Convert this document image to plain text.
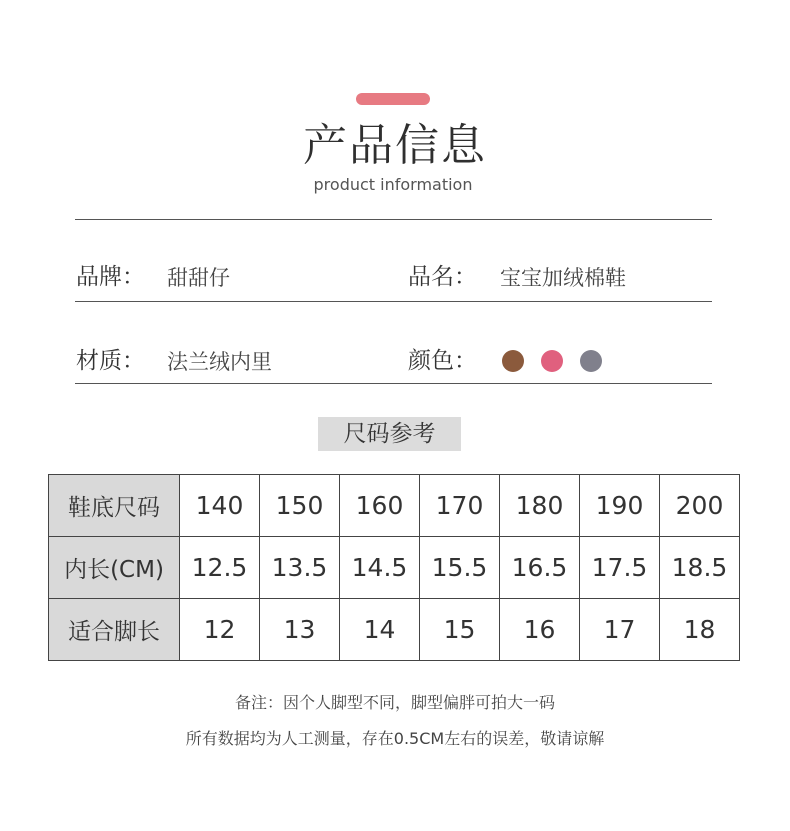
产品信息
product information
品牌： 甜甜仔	品名： 宝宝加绒棉鞋
材质： 法兰绒内里	颜色：
尺码参考
鞋底尺码	140	150	160	170	180	190	200
内长(CM)	12.5	13.5	14.5	15.5	16.5	17.5	18.5
适合脚长	12	13	14	15	16	17	18
备注：因个人脚型不同，脚型偏胖可拍大一码
所有数据均为人工测量，存在0.5CM左右的误差，敬请谅解
